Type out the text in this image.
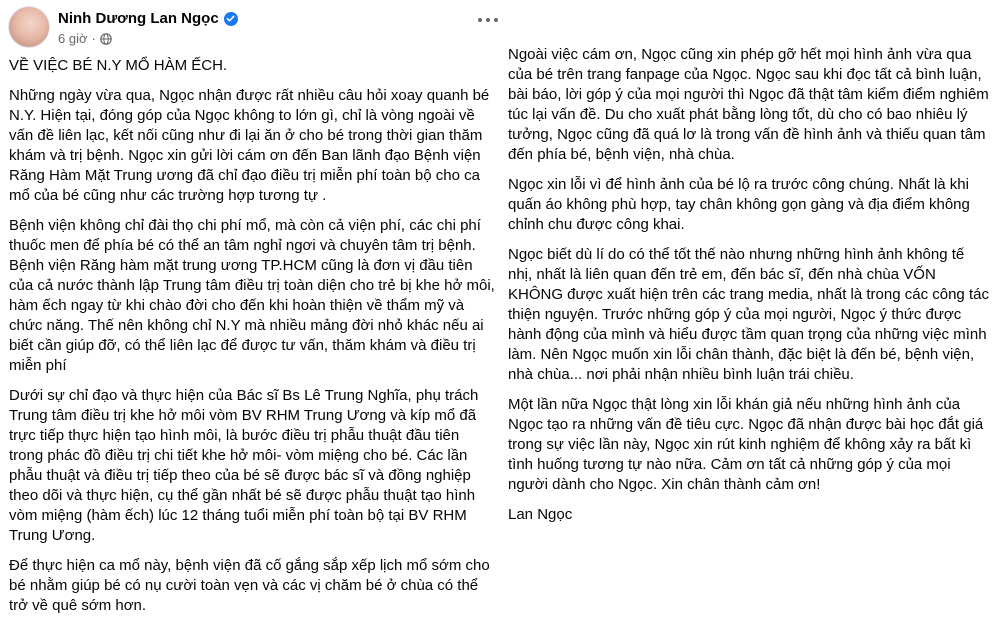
Ninh Dương Lan Ngọc
6 giờ ·

VỀ VIỆC BÉ N.Y MỔ HÀM ẾCH.

Những ngày vừa qua, Ngọc nhận được rất nhiều câu hỏi xoay quanh bé N.Y. Hiện tại, đóng góp của Ngọc không to lớn gì, chỉ là vòng ngoài về vấn đề liên lạc, kết nối cũng như đi lại ăn ở cho bé trong thời gian thăm khám và trị bệnh. Ngọc xin gửi lời cám ơn đến Ban lãnh đạo Bệnh viện Răng Hàm Mặt Trung ương đã chỉ đạo điều trị miễn phí toàn bộ cho ca mổ của bé cũng như các trường hợp tương tự .

Bệnh viện không chỉ đài thọ chi phí mổ, mà còn cả viện phí, các chi phí thuốc men để phía bé có thể an tâm nghỉ ngơi và chuyên tâm trị bệnh. Bệnh viện Răng hàm mặt trung ương TP.HCM cũng là đơn vị đầu tiên của cả nước thành lập Trung tâm điều trị toàn diện cho trẻ bị khe hở môi, hàm ếch ngay từ khi chào đời cho đến khi hoàn thiện về thẩm mỹ và chức năng. Thế nên không chỉ N.Y mà nhiều mảng đời nhỏ khác nếu ai biết cần giúp đỡ, có thể liên lạc để được tư vấn, thăm khám và điều trị miễn phí

Dưới sự chỉ đạo và thực hiện của Bác sĩ Bs Lê Trung Nghĩa, phụ trách Trung tâm điều trị khe hở môi vòm BV RHM Trung Ương và kíp mổ đã trực tiếp thực hiện tạo hình môi, là bước điều trị phẫu thuật đầu tiên trong phác đồ điều trị chi tiết khe hở môi- vòm miệng cho bé. Các lần phẫu thuật và điều trị tiếp theo của bé sẽ được bác sĩ và đồng nghiệp theo dõi và thực hiện, cụ thể gần nhất bé sẽ được phẫu thuật tạo hình vòm miệng (hàm ếch) lúc 12 tháng tuổi miễn phí toàn bộ tại BV RHM Trung Ương.

Để thực hiện ca mổ này, bệnh viện đã cố gắng sắp xếp lịch mổ sớm cho bé nhằm giúp bé có nụ cười toàn vẹn và các vị chăm bé ở chùa có thể trở về quê sớm hơn.

Ngoài việc cám ơn, Ngọc cũng xin phép gỡ hết mọi hình ảnh vừa qua của bé trên trang fanpage của Ngọc. Ngọc sau khi đọc tất cả bình luận, bài báo, lời góp ý của mọi người thì Ngọc đã thật tâm kiểm điểm nghiêm túc lại vấn đề. Du cho xuất phát bằng lòng tốt, dù cho có bao nhiêu lý tưởng, Ngọc cũng đã quá lơ là trong vấn đề hình ảnh và thiếu quan tâm đến phía bé, bệnh viện, nhà chùa.

Ngọc xin lỗi vì để hình ảnh của bé lộ ra trước công chúng. Nhất là khi quấn áo không phù hợp, tay chân không gọn gàng và địa điểm không chỉnh chu được công khai.

Ngọc biết dù lí do có thể tốt thế nào nhưng những hình ảnh không tế nhị, nhất là liên quan đến trẻ em, đến bác sĩ, đến nhà chùa VỐN KHÔNG được xuất hiện trên các trang media, nhất là trong các công tác thiện nguyện. Trước những góp ý của mọi người, Ngọc ý thức được hành động của mình và hiểu được tầm quan trọng của những việc mình làm. Nên Ngọc muốn xin lỗi chân thành, đặc biệt là đến bé, bệnh viện, nhà chùa... nơi phải nhận nhiều bình luận trái chiều.

Một lần nữa Ngọc thật lòng xin lỗi khán giả nếu những hình ảnh của Ngọc tạo ra những vấn đề tiêu cực. Ngọc đã nhận được bài học đắt giá trong sự việc lần này, Ngọc xin rút kinh nghiệm để không xảy ra bất kì tình huống tương tự nào nữa. Cảm ơn tất cả những góp ý của mọi người dành cho Ngọc. Xin chân thành cảm ơn!

Lan Ngọc
